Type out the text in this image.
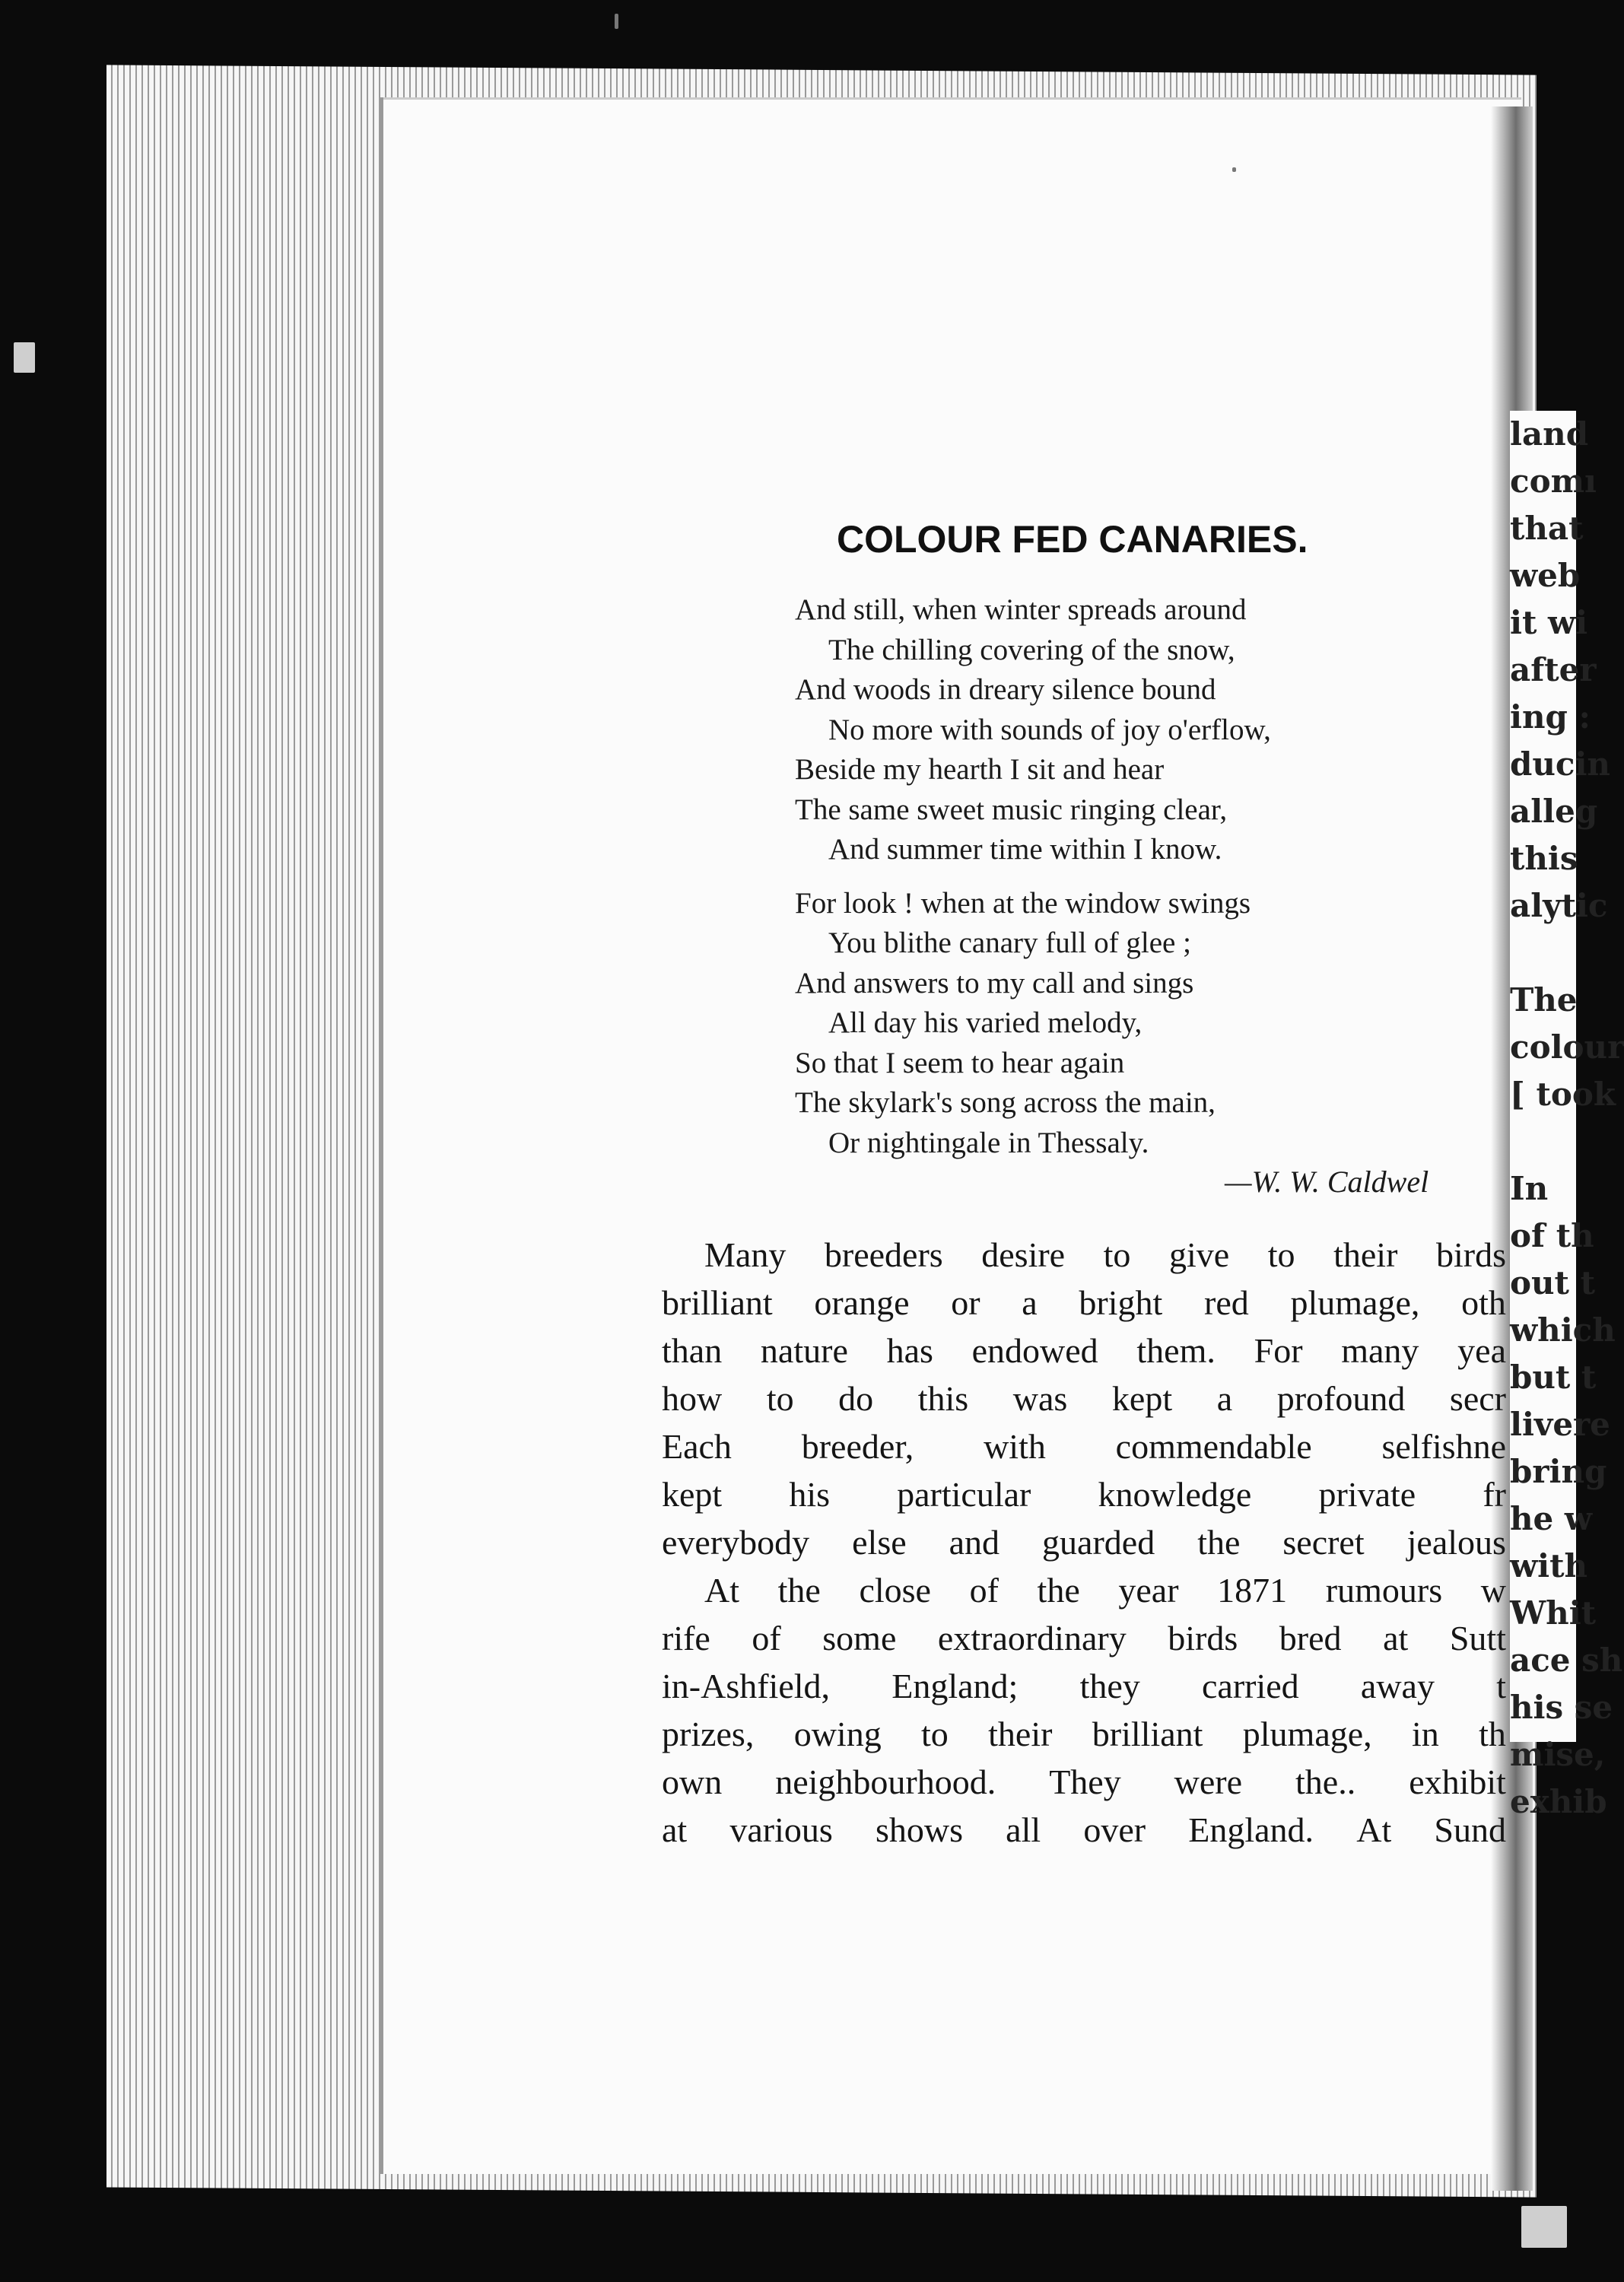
COLOUR FED CANARIES.
And still, when winter spreads around
The chilling covering of the snow,
And woods in dreary silence bound
No more with sounds of joy o'erflow,
Beside my hearth I sit and hear
The same sweet music ringing clear,
And summer time within I know.
For look ! when at the window swings
You blithe canary full of glee ;
And answers to my call and sings
All day his varied melody,
So that I seem to hear again
The skylark's song across the main,
Or nightingale in Thessaly.
—W. W. Caldwel
Many breeders desire to give to their birds
brilliant orange or a bright red plumage, oth
than nature has endowed them. For many yea
how to do this was kept a profound secr
Each breeder, with commendable selfishne
kept his particular knowledge private fr
everybody else and guarded the secret jealous
At the close of the year 1871 rumours w
rife of some extraordinary birds bred at Sutt
in-Ashfield, England; they carried away t
prizes, owing to their brilliant plumage, in th
own neighbourhood. They were the.. exhibit
at various shows all over England. At Sund
land
comı
that
web
it wi
after
ing :
ducin
alleg
this
alytic
The
colour
[ took
In
of th
out t
which
but t
livere
bring
he w
with
Whit
ace sh
his se
mise,
exhib
